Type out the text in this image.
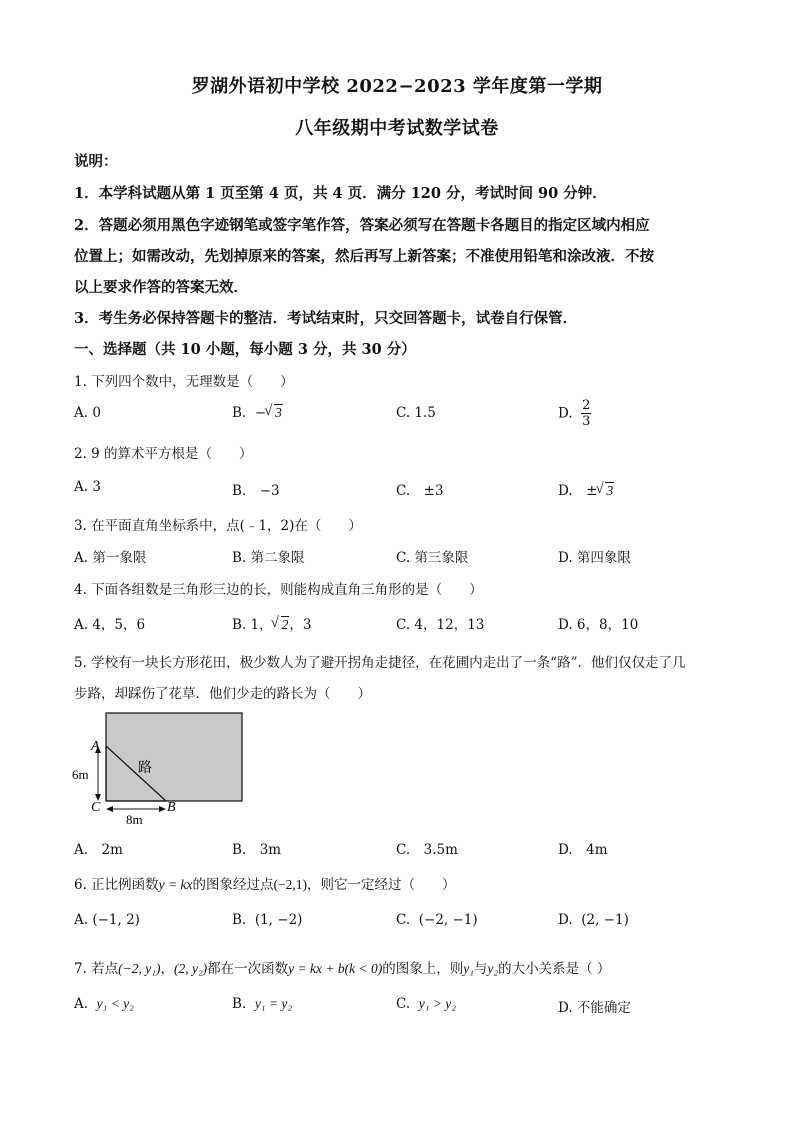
罗湖外语初中学校 2022−2023 学年度第一学期
八年级期中考试数学试卷
说明：
1．本学科试题从第 1 页至第 4 页，共 4 页．满分 120 分，考试时间 90 分钟．
2．答题必须用黑色字迹钢笔或签字笔作答，答案必须写在答题卡各题目的指定区域内相应
位置上；如需改动，先划掉原来的答案，然后再写上新答案；不准使用铅笔和涂改液．不按
以上要求作答的答案无效．
3．考生务必保持答题卡的整洁．考试结束时，只交回答题卡，试卷自行保管．
一、选择题（共 10 小题，每小题 3 分，共 30 分）
1. 下列四个数中，无理数是（　　）
A. 0	B. − √ 3	C. 1.5	D. $\frac{2}{3}$
2. 9 的算术平方根是（　　）
A. 3	B.　−3	C.　±3	D.　± √ 3
3. 在平面直角坐标系中，点(﹣1，2)在（　　）
A. 第一象限	B. 第二象限	C. 第三象限	D. 第四象限
4. 下面各组数是三角形三边的长，则能构成直角三角形的是（　　）
A. 4，5，6	B. 1， √ 2，3	C. 4，12，13	D. 6，8，10
5. 学校有一块长方形花田，极少数人为了避开拐角走捷径，在花圃内走出了一条“路”．他们仅仅走了几
步路，却踩伤了花草．他们少走的路长为（　　）
A
C	B
路
6m
8m
A.　2m	B.　3m	C.　3.5m	D.　4m
6. 正比例函数y = kx的图象经过点(−2,1)，则它一定经过（　　）
A. (−1, 2)	B. (1, −2)	C. (−2, −1)	D. (2, −1)
7. 若点(−2, y₁)，(2, y₂)都在一次函数y = kx + b(k < 0)的图象上，则y₁与y₂的大小关系是（ ）
A. y₁ < y₂	B. y₁ = y₂	C. y₁ > y₂	D. 不能确定
